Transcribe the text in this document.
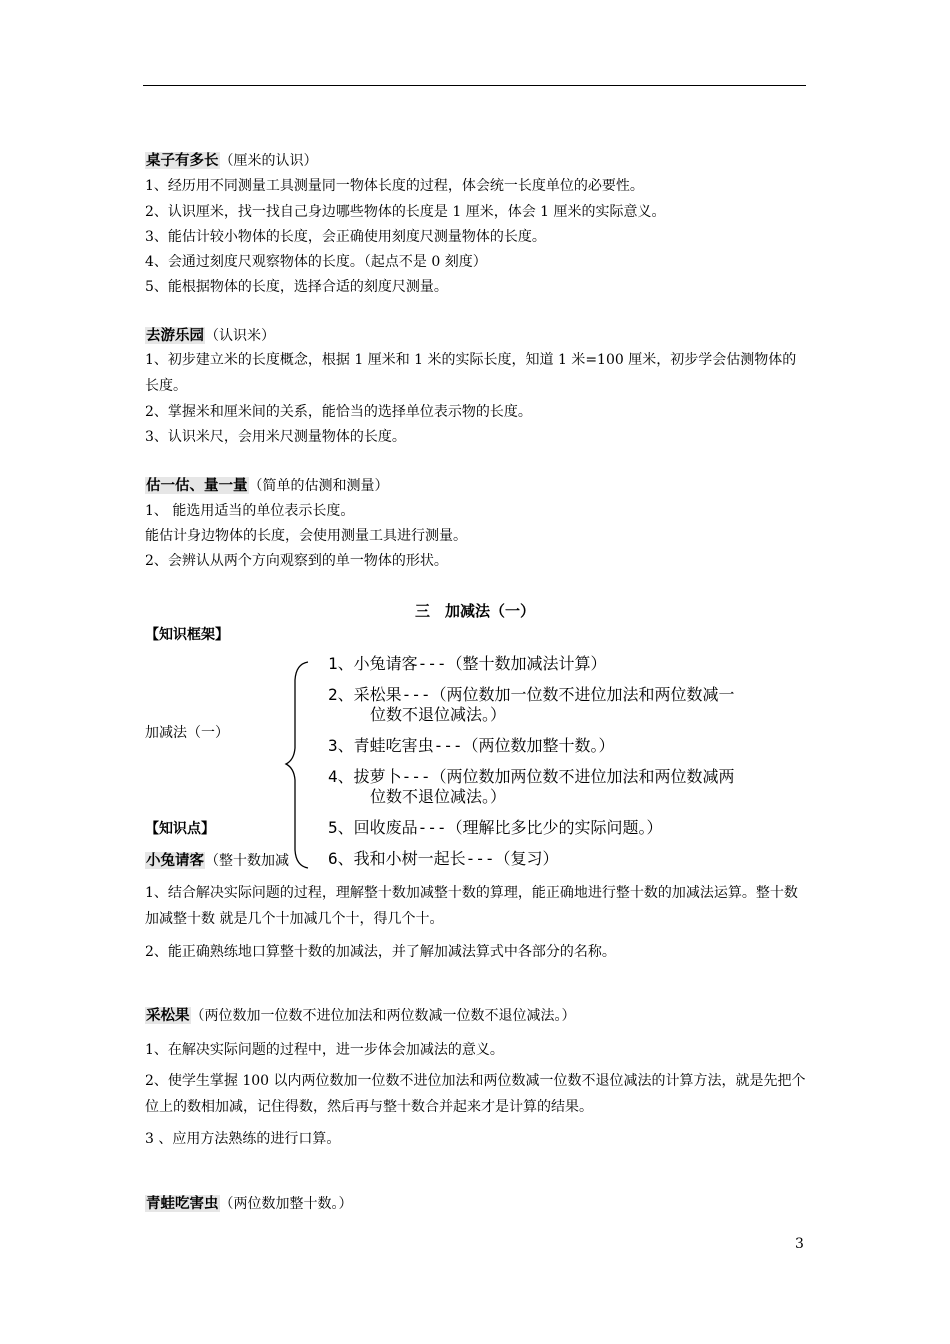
桌子有多长（厘米的认识）
1、经历用不同测量工具测量同一物体长度的过程，体会统一长度单位的必要性。
2、认识厘米，找一找自己身边哪些物体的长度是 1 厘米，体会 1 厘米的实际意义。
3、能估计较小物体的长度，会正确使用刻度尺测量物体的长度。
4、会通过刻度尺观察物体的长度。（起点不是 0 刻度）
5、能根据物体的长度，选择合适的刻度尺测量。
去游乐园（认识米）
1、初步建立米的长度概念，根据 1 厘米和 1 米的实际长度，知道 1 米=100 厘米，初步学会估测物体的长度。
2、掌握米和厘米间的关系，能恰当的选择单位表示物的长度。
3、认识米尺，会用米尺测量物体的长度。
估一估、量一量（简单的估测和测量）
1、 能选用适当的单位表示长度。
能估计身边物体的长度，会使用测量工具进行测量。
2、会辨认从两个方向观察到的单一物体的形状。
三　加减法（一）
【知识框架】
加减法（一）
1、小兔请客---（整十数加减法计算）
2、采松果---（两位数加一位数不进位加法和两位数减一
位数不退位减法。）
3、青蛙吃害虫---（两位数加整十数。）
4、拔萝卜---（两位数加两位数不进位加法和两位数减两
位数不退位减法。）
5、回收废品---（理解比多比少的实际问题。）
6、我和小树一起长---（复习）
【知识点】
小兔请客（整十数加减
1、结合解决实际问题的过程，理解整十数加减整十数的算理，能正确地进行整十数的加减法运算。整十数加减整十数 就是几个十加减几个十，得几个十。
2、能正确熟练地口算整十数的加减法，并了解加减法算式中各部分的名称。
采松果（两位数加一位数不进位加法和两位数减一位数不退位减法。）
1、在解决实际问题的过程中，进一步体会加减法的意义。
2、使学生掌握 100 以内两位数加一位数不进位加法和两位数减一位数不退位减法的计算方法，就是先把个位上的数相加减，记住得数，然后再与整十数合并起来才是计算的结果。
3 、应用方法熟练的进行口算。
青蛙吃害虫（两位数加整十数。）
3
